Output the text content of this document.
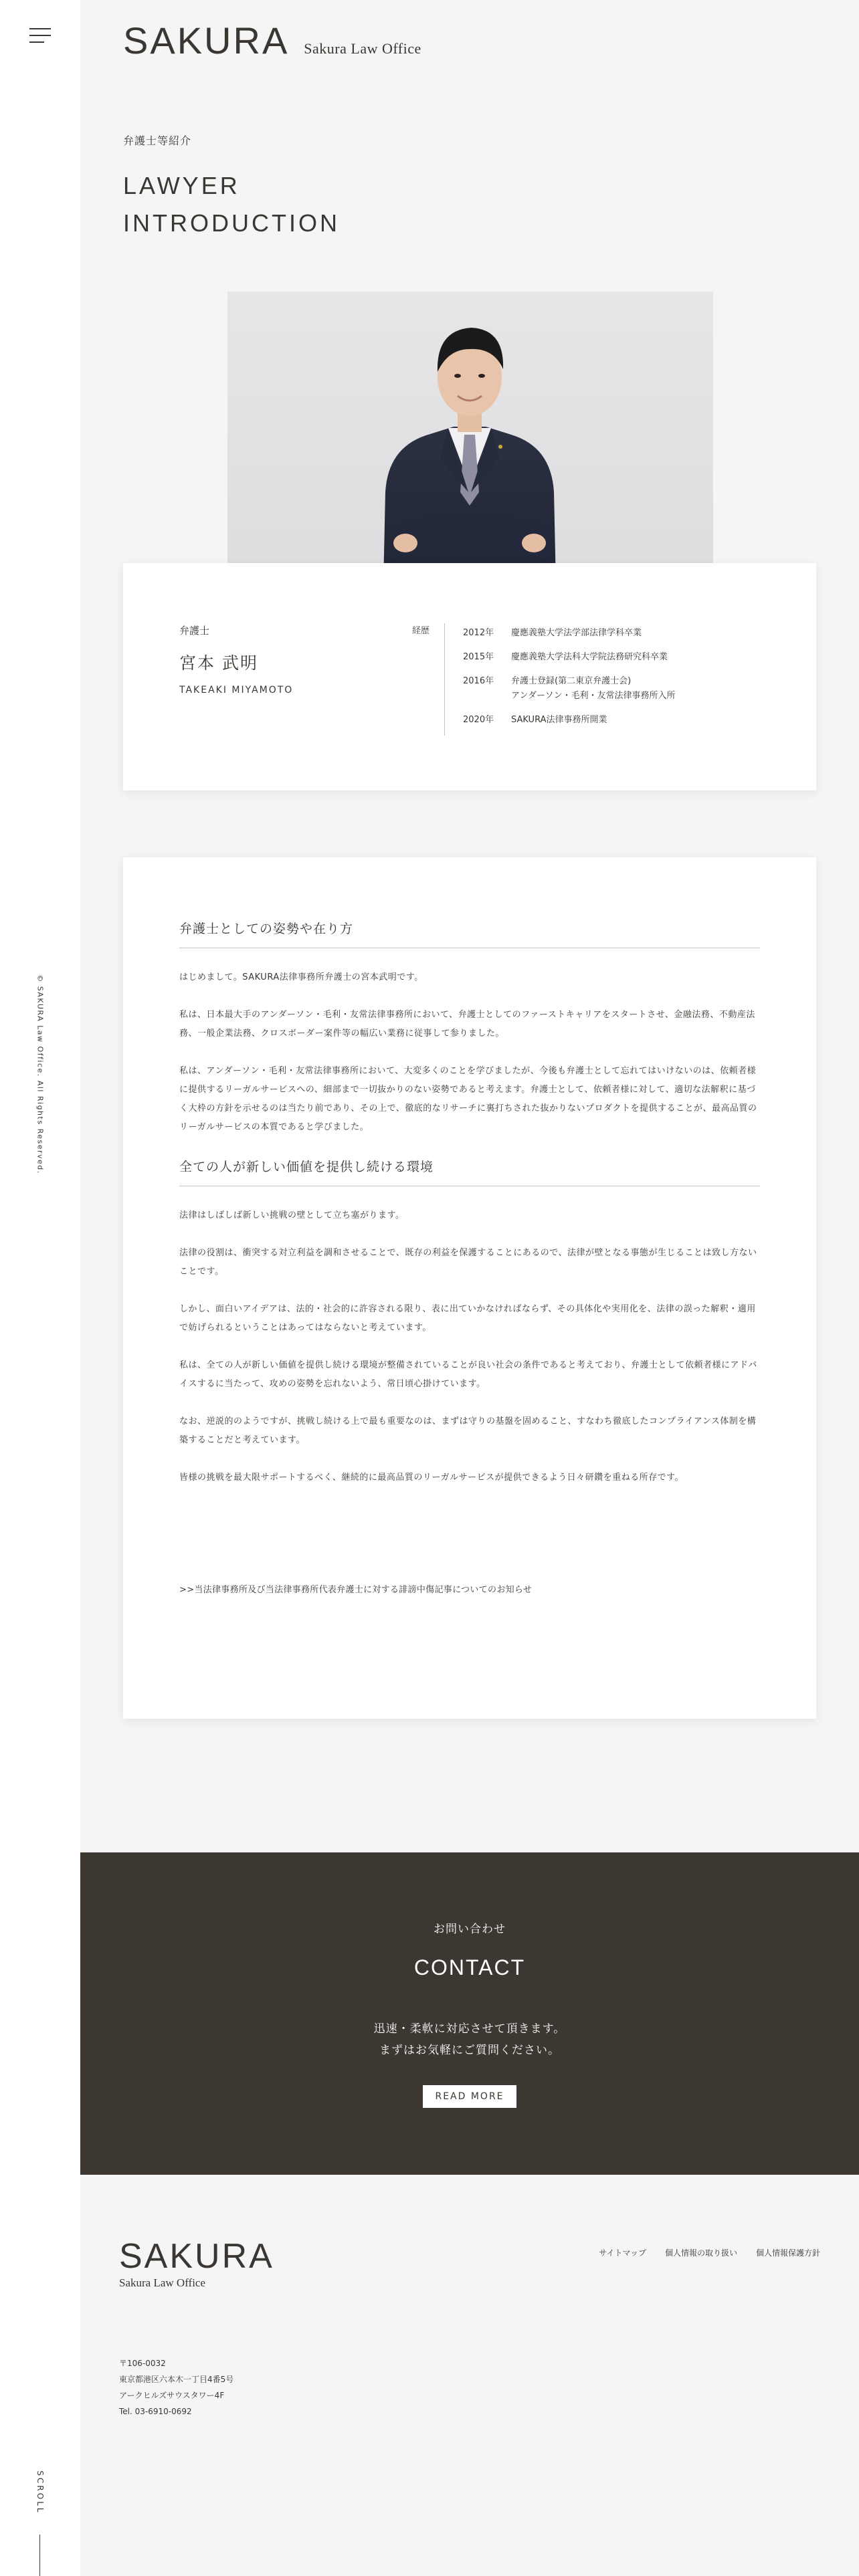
© SAKURA Law Office. All Rights Reserved.
SCROLL
SAKURA Sakura Law Office
弁護士等紹介
LAWYER
INTRODUCTION
弁護士
宮本 武明
TAKEAKI MIYAMOTO
経歴	2012年	慶應義塾大学法学部法律学科卒業
2015年	慶應義塾大学法科大学院法務研究科卒業
2016年	弁護士登録(第二東京弁護士会)
アンダーソン・毛利・友常法律事務所入所
2020年	SAKURA法律事務所開業
弁護士としての姿勢や在り方

はじめまして。SAKURA法律事務所弁護士の宮本武明です。

私は、日本最大手のアンダーソン・毛利・友常法律事務所において、弁護士としてのファーストキャリアをスタートさせ、金融法務、不動産法務、一般企業法務、クロスボーダー案件等の幅広い業務に従事して参りました。

私は、アンダーソン・毛利・友常法律事務所において、大変多くのことを学びましたが、今後も弁護士として忘れてはいけないのは、依頼者様に提供するリーガルサービスへの、細部まで一切抜かりのない姿勢であると考えます。弁護士として、依頼者様に対して、適切な法解釈に基づく大枠の方針を示せるのは当たり前であり、その上で、徹底的なリサーチに裏打ちされた抜かりないプロダクトを提供することが、最高品質のリーガルサービスの本質であると学びました。

全ての人が新しい価値を提供し続ける環境

法律はしばしば新しい挑戦の壁として立ち塞がります。

法律の役割は、衝突する対立利益を調和させることで、既存の利益を保護することにあるので、法律が壁となる事態が生じることは致し方ないことです。

しかし、面白いアイデアは、法的・社会的に許容される限り、表に出ていかなければならず、その具体化や実用化を、法律の誤った解釈・適用で妨げられるということはあってはならないと考えています。

私は、全ての人が新しい価値を提供し続ける環境が整備されていることが良い社会の条件であると考えており、弁護士として依頼者様にアドバイスするに当たって、攻めの姿勢を忘れないよう、常日頃心掛けています。

なお、逆説的のようですが、挑戦し続ける上で最も重要なのは、まずは守りの基盤を固めること、すなわち徹底したコンプライアンス体制を構築することだと考えています。

皆様の挑戦を最大限サポートするべく、継続的に最高品質のリーガルサービスが提供できるよう日々研鑽を重ねる所存です。

>>当法律事務所及び当法律事務所代表弁護士に対する誹謗中傷記事についてのお知らせ
お問い合わせ
CONTACT
迅速・柔軟に対応させて頂きます。
まずはお気軽にご質問ください。
READ MORE
SAKURA
Sakura Law Office
サイトマップ 個人情報の取り扱い 個人情報保護方針
〒106-0032
東京都港区六本木一丁目4番5号
アークヒルズサウスタワー4F
Tel. 03-6910-0692
